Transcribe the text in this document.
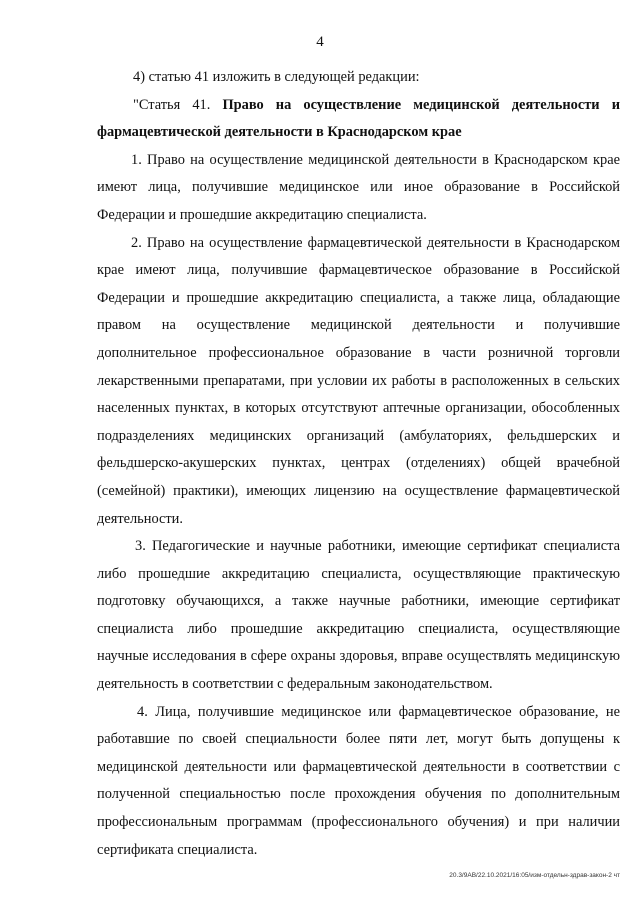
4

4) статью 41 изложить в следующей редакции:

"Статья 41. Право на осуществление медицинской деятельности и фармацевтической деятельности в Краснодарском крае

1. Право на осуществление медицинской деятельности в Краснодарском крае имеют лица, получившие медицинское или иное образование в Российской Федерации и прошедшие аккредитацию специалиста.

2. Право на осуществление фармацевтической деятельности в Краснодарском крае имеют лица, получившие фармацевтическое образование в Российской Федерации и прошедшие аккредитацию специалиста, а также лица, обладающие правом на осуществление медицинской деятельности и получившие дополнительное профессиональное образование в части розничной торговли лекарственными препаратами, при условии их работы в расположенных в сельских населенных пунктах, в которых отсутствуют аптечные организации, обособленных подразделениях медицинских организаций (амбулаториях, фельдшерских и фельдшерско-акушерских пунктах, центрах (отделениях) общей врачебной (семейной) практики), имеющих лицензию на осуществление фармацевтической деятельности.

3. Педагогические и научные работники, имеющие сертификат специалиста либо прошедшие аккредитацию специалиста, осуществляющие практическую подготовку обучающихся, а также научные работники, имеющие сертификат специалиста либо прошедшие аккредитацию специалиста, осуществляющие научные исследования в сфере охраны здоровья, вправе осуществлять медицинскую деятельность в соответствии с федеральным законодательством.

4. Лица, получившие медицинское или фармацевтическое образование, не работавшие по своей специальности более пяти лет, могут быть допущены к медицинской деятельности или фармацевтической деятельности в соответствии с полученной специальностью после прохождения обучения по дополнительным профессиональным программам (профессионального обучения) и при наличии сертификата специалиста.

20.3/9АВ/22.10.2021/16:05/изм-отдельн-здрав-закон-2 чт
